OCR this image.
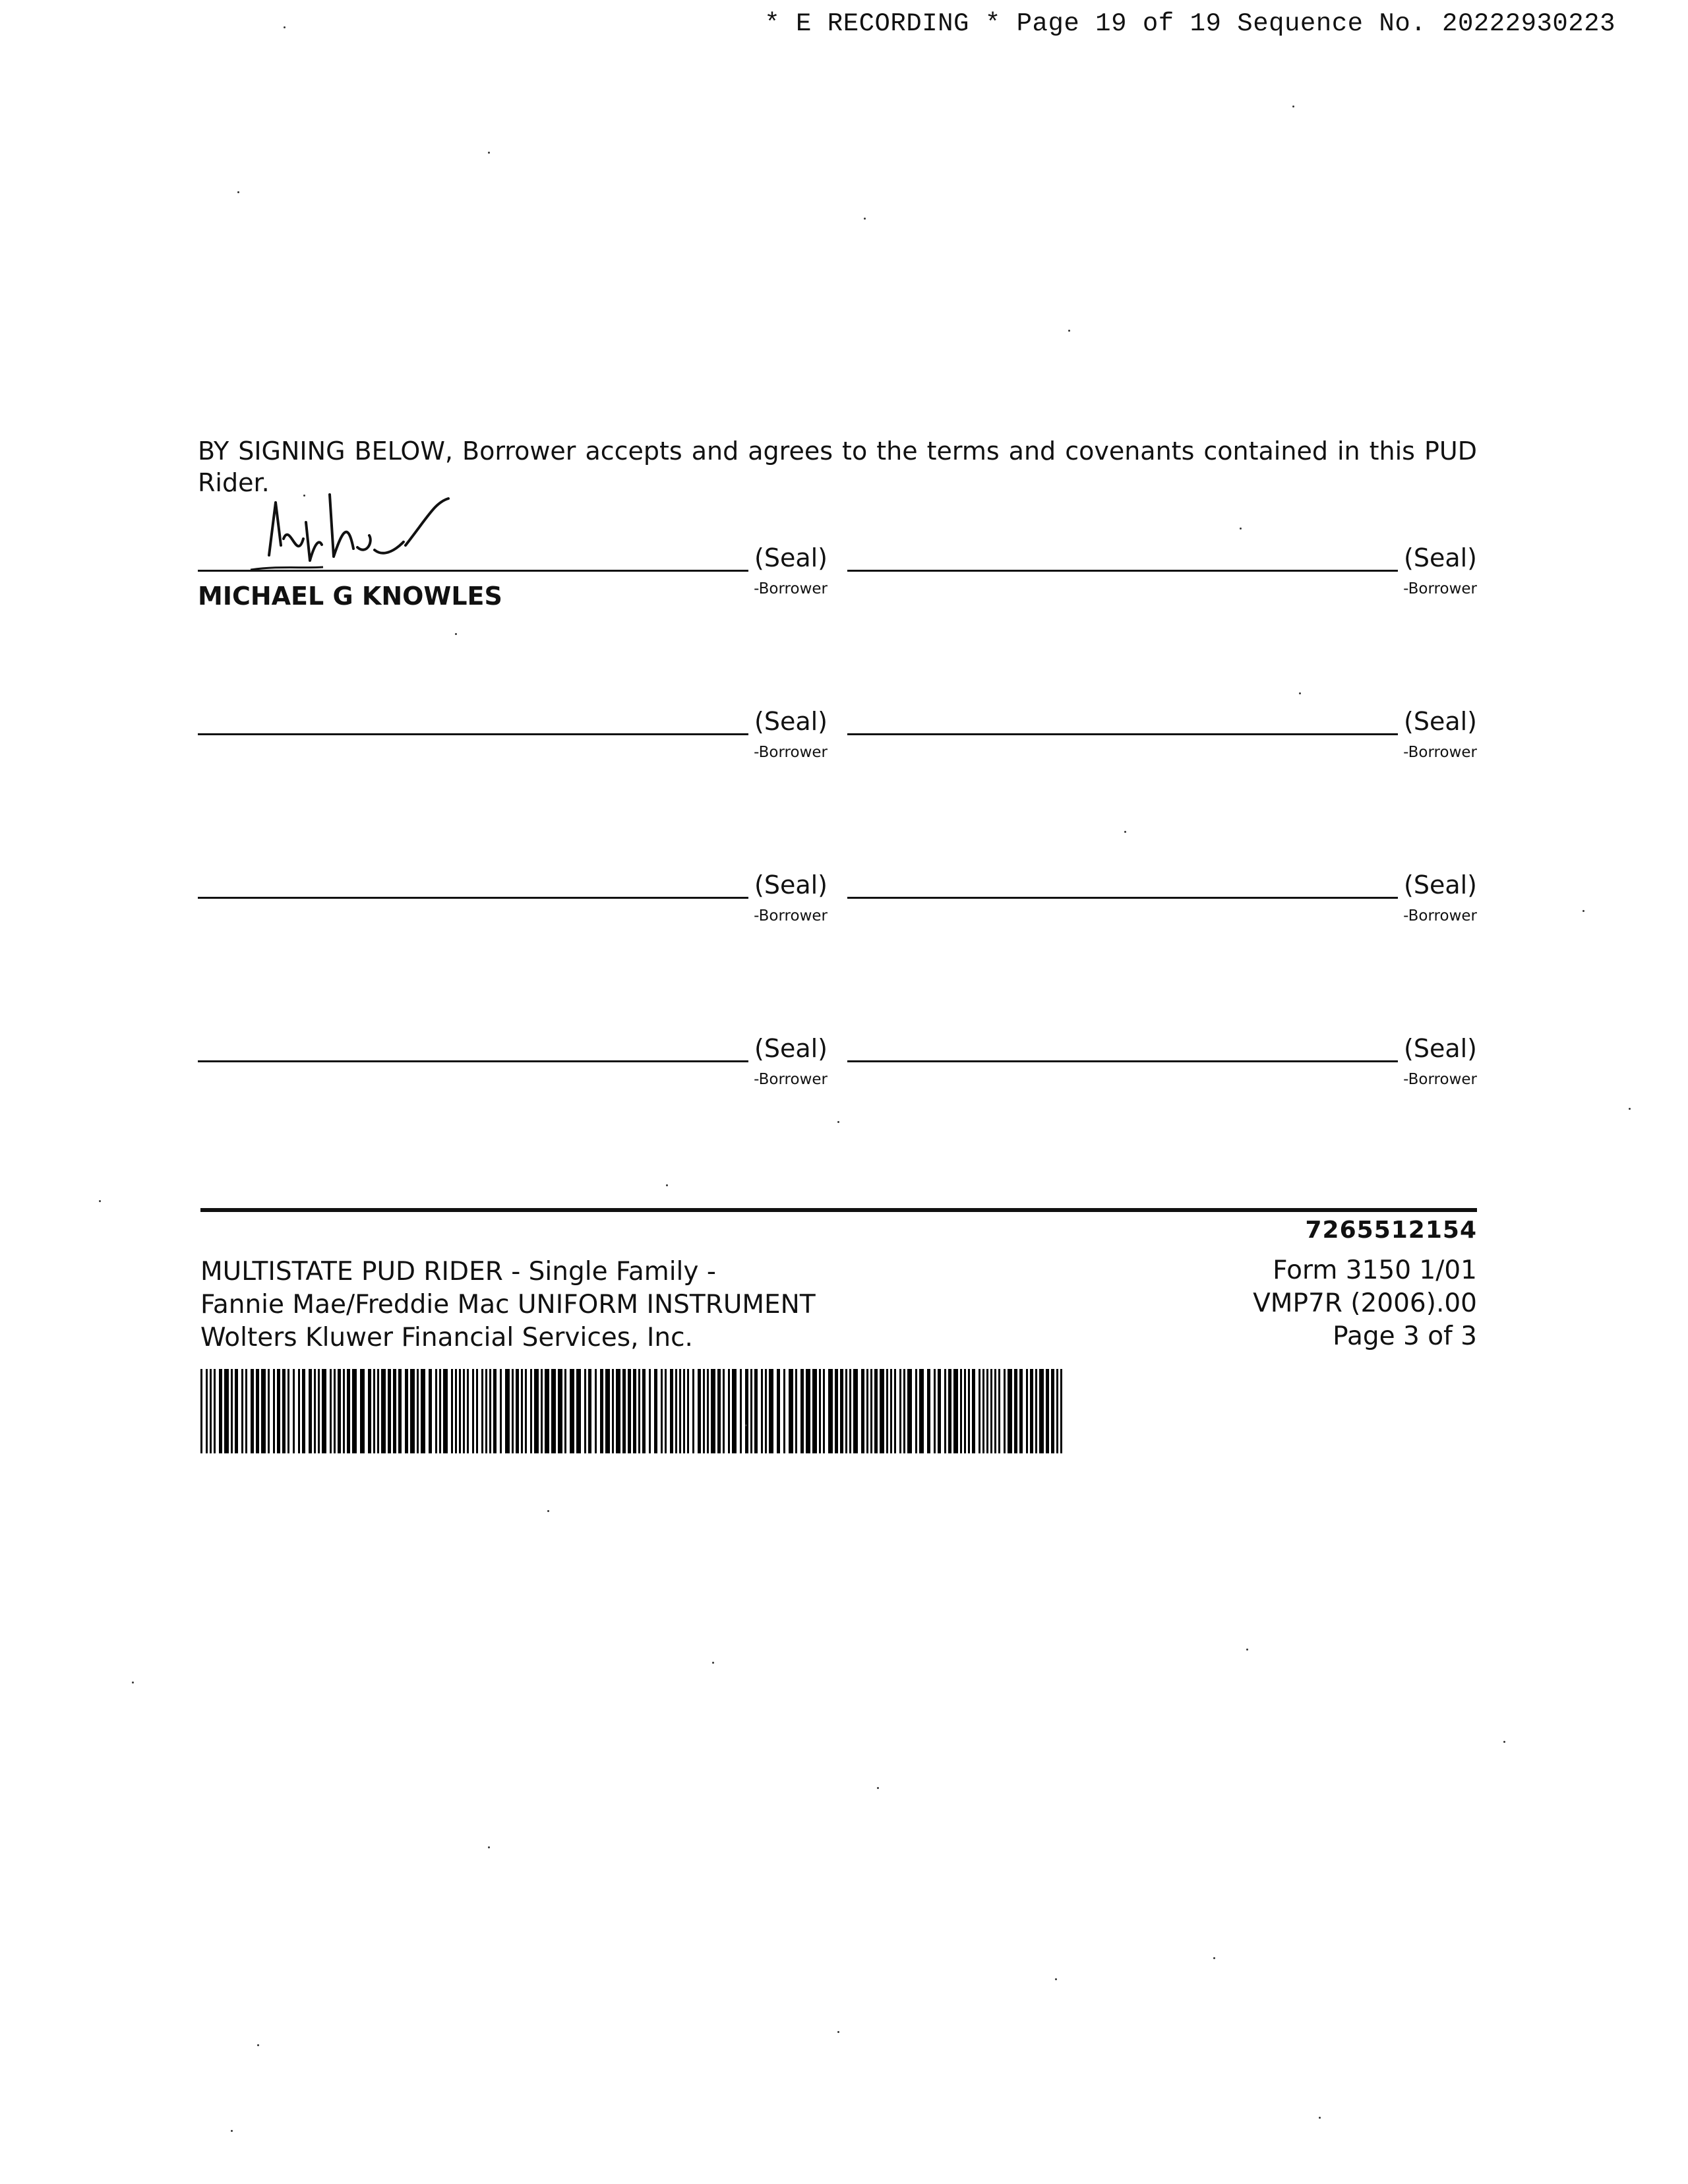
* E RECORDING * Page 19 of 19 Sequence No. 20222930223

BY SIGNING BELOW, Borrower accepts and agrees to the terms and covenants contained in this PUD Rider.

(Seal)
-Borrower
MICHAEL G KNOWLES
(Seal)
-Borrower
(Seal)
-Borrower
(Seal)
-Borrower
(Seal)
-Borrower
(Seal)
-Borrower
(Seal)
-Borrower
(Seal)
-Borrower
7265512154
MULTISTATE PUD RIDER - Single Family -
Fannie Mae/Freddie Mac UNIFORM INSTRUMENT
Wolters Kluwer Financial Services, Inc.
Form 3150 1/01
VMP7R (2006).00
Page 3 of 3
